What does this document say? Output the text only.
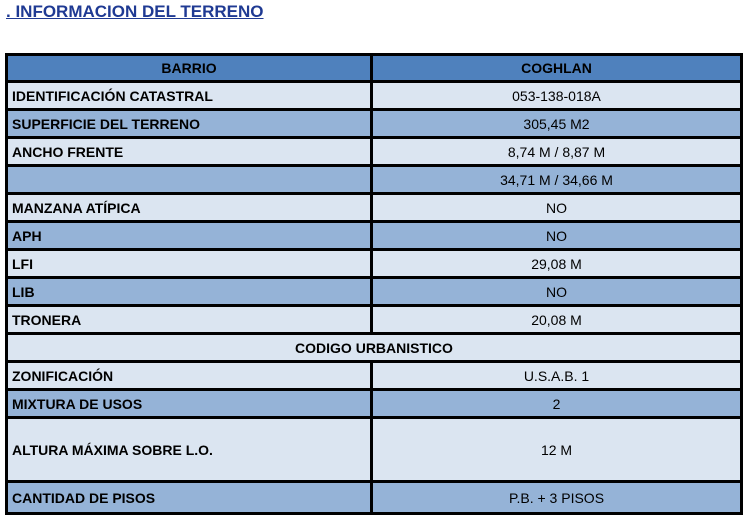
. INFORMACION DEL TERRENO
BARRIO	COGHLAN
IDENTIFICACIÓN CATASTRAL	053-138-018A
SUPERFICIE DEL TERRENO	305,45 M2
ANCHO FRENTE	8,74 M / 8,87 M
	34,71 M / 34,66 M
MANZANA ATÍPICA	NO
APH	NO
LFI	29,08 M
LIB	NO
TRONERA	20,08 M
CODIGO URBANISTICO	
ZONIFICACIÓN	U.S.A.B. 1
MIXTURA DE USOS	2
ALTURA MÁXIMA SOBRE L.O.	12 M
CANTIDAD DE PISOS	P.B. + 3 PISOS
